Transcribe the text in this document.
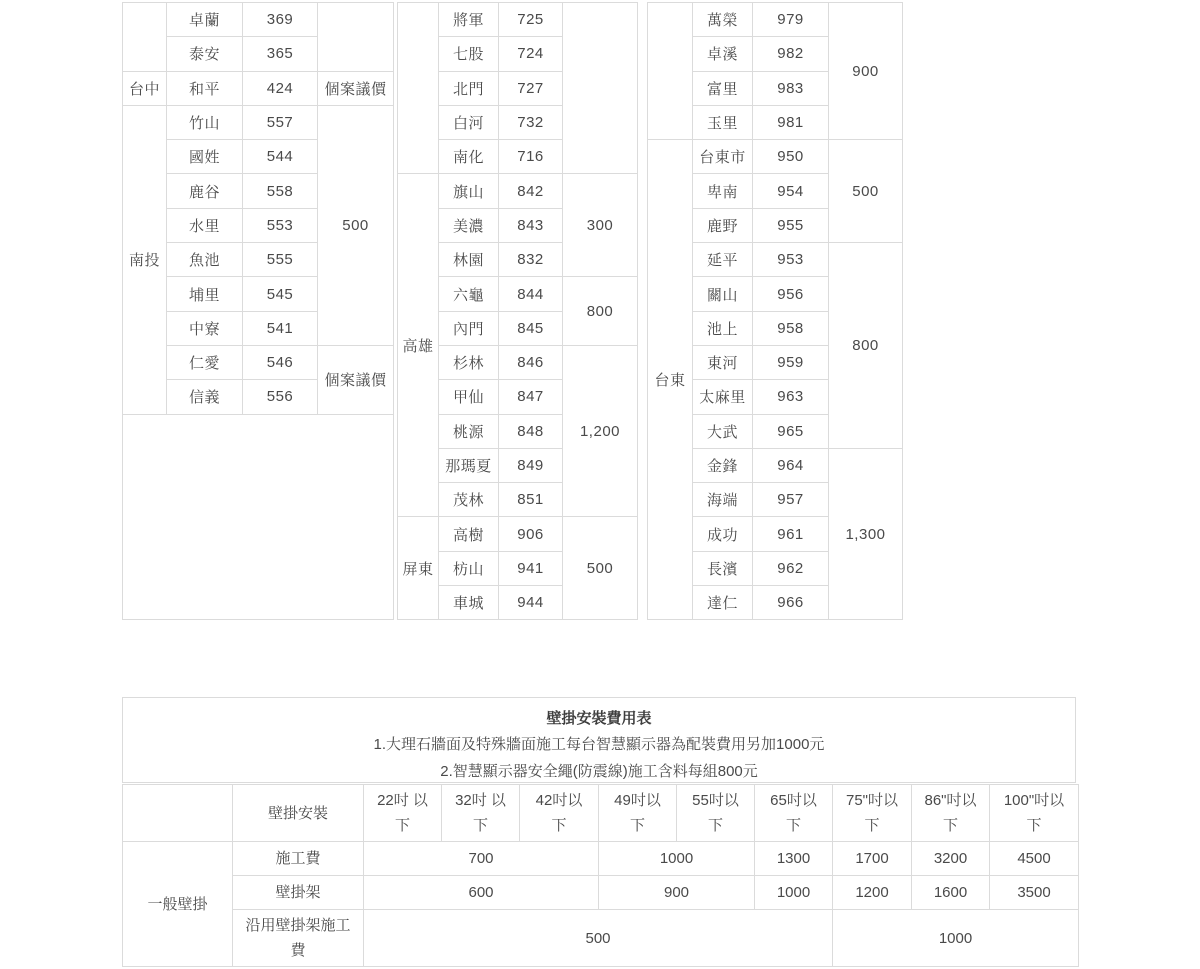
	卓蘭	369	
	泰安	365	
台中	和平	424	個案議價
南投	竹山	557	500
	國姓	544	
	鹿谷	558	
	水里	553	
	魚池	555	
	埔里	545	
	中寮	541	
	仁愛	546	個案議價
	信義	556	

	將軍	725	
	七股	724	
	北門	727	
	白河	732	
	南化	716	
高雄	旗山	842	300
	美濃	843	
	林園	832	
	六龜	844	800
	內門	845	
	杉林	846	1,200
	甲仙	847	
	桃源	848	
	那瑪夏	849	
	茂林	851	
屏東	高樹	906	500
	枋山	941	
	車城	944	
	萬榮	979	900
	卓溪	982	
	富里	983	
	玉里	981	
台東	台東市	950	500
	卑南	954	
	鹿野	955	
	延平	953	800
	關山	956	
	池上	958	
	東河	959	
	太麻里	963	
	大武	965	
	金鋒	964	1,300
	海端	957	
	成功	961	
	長濱	962	
	達仁	966	
壁掛安裝費用表
1.大理石牆面及特殊牆面施工每台智慧顯示器為配裝費用另加1000元
2.智慧顯示器安全繩(防震線)施工含料每組800元
	壁掛安裝	22吋 以下	32吋 以下	42吋以下	49吋以下	55吋以下	65吋以下	75"吋以下	86"吋以下	100"吋以下
一般壁掛	施工費	700			1000		1300	1700	3200	4500
	壁掛架	600			900		1000	1200	1600	3500
	沿用壁掛架施工費	500						1000		
